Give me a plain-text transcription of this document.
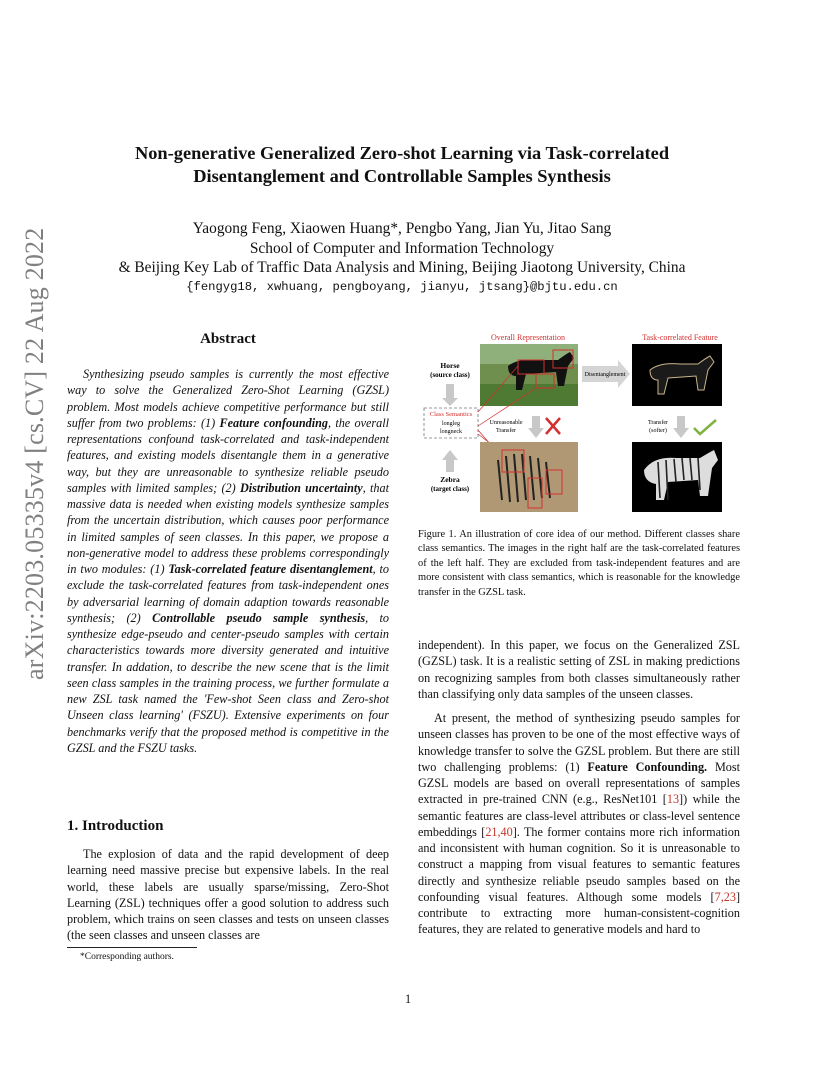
arXiv:2203.05335v4 [cs.CV] 22 Aug 2022
Non-generative Generalized Zero-shot Learning via Task-correlated
Disentanglement and Controllable Samples Synthesis
Yaogong Feng, Xiaowen Huang*, Pengbo Yang, Jian Yu, Jitao Sang
School of Computer and Information Technology
& Beijing Key Lab of Traffic Data Analysis and Mining, Beijing Jiaotong University, China
{fengyg18, xwhuang, pengboyang, jianyu, jtsang}@bjtu.edu.cn
Abstract
Synthesizing pseudo samples is currently the most effective way to solve the Generalized Zero-Shot Learning (GZSL) problem. Most models achieve competitive performance but still suffer from two problems: (1) Feature confounding, the overall representations confound task-correlated and task-independent features, and existing models disentangle them in a generative way, but they are unreasonable to synthesize reliable pseudo samples with limited samples; (2) Distribution uncertainty, that massive data is needed when existing models synthesize samples from the uncertain distribution, which causes poor performance in limited samples of seen classes. In this paper, we propose a non-generative model to address these problems correspondingly in two modules: (1) Task-correlated feature disentanglement, to exclude the task-correlated features from task-independent ones by adversarial learning of domain adaption towards reasonable synthesis; (2) Controllable pseudo sample synthesis, to synthesize edge-pseudo and center-pseudo samples with certain characteristics towards more diversity generated and intuitive transfer. In addation, to describe the new scene that is the limit seen class samples in the training process, we further formulate a new ZSL task named the 'Few-shot Seen class and Zero-shot Unseen class learning' (FSZU). Extensive experiments on four benchmarks verify that the proposed method is competitive in the GZSL and the FSZU tasks.
1. Introduction
The explosion of data and the rapid development of deep learning need massive precise but expensive labels. In the real world, these labels are usually sparse/missing, Zero-Shot Learning (ZSL) techniques offer a good solution to address such problem, which trains on seen classes and tests on unseen classes (the seen classes and unseen classes are
*Corresponding authors.
Overall Representation	Task-correlated Feature
Horse
(source class)	Disentanglement
Class Semantics
longleg
longneck
Unreasonable
Transfer
Transfer
(softer)
Zebra
(target class)
Figure 1. An illustration of core idea of our method. Different classes share class semantics. The images in the right half are the task-correlated features of the left half. They are excluded from task-independent features and are more consistent with class semantics, which is reasonable for the knowledge transfer in the GZSL task.

independent). In this paper, we focus on the Generalized ZSL (GZSL) task. It is a realistic setting of ZSL in making predictions on recognizing samples from both classes simultaneously rather than classifying only data samples of the unseen classes.

At present, the method of synthesizing pseudo samples for unseen classes has proven to be one of the most effective ways of knowledge transfer to solve the GZSL problem. But there are still two challenging problems: (1) Feature Confounding. Most GZSL models are based on overall representations of samples extracted in pre-trained CNN (e.g., ResNet101 [13]) while the semantic features are class-level attributes or class-level sentence embeddings [21,40]. The former contains more rich information and inconsistent with human cognition. So it is unreasonable to construct a mapping from visual features to semantic features directly and synthesize reliable pseudo samples based on the confounding visual features. Although some models [7,23] contribute to extracting more human-consistent-cognition features, they are related to generative models and hard to

1
